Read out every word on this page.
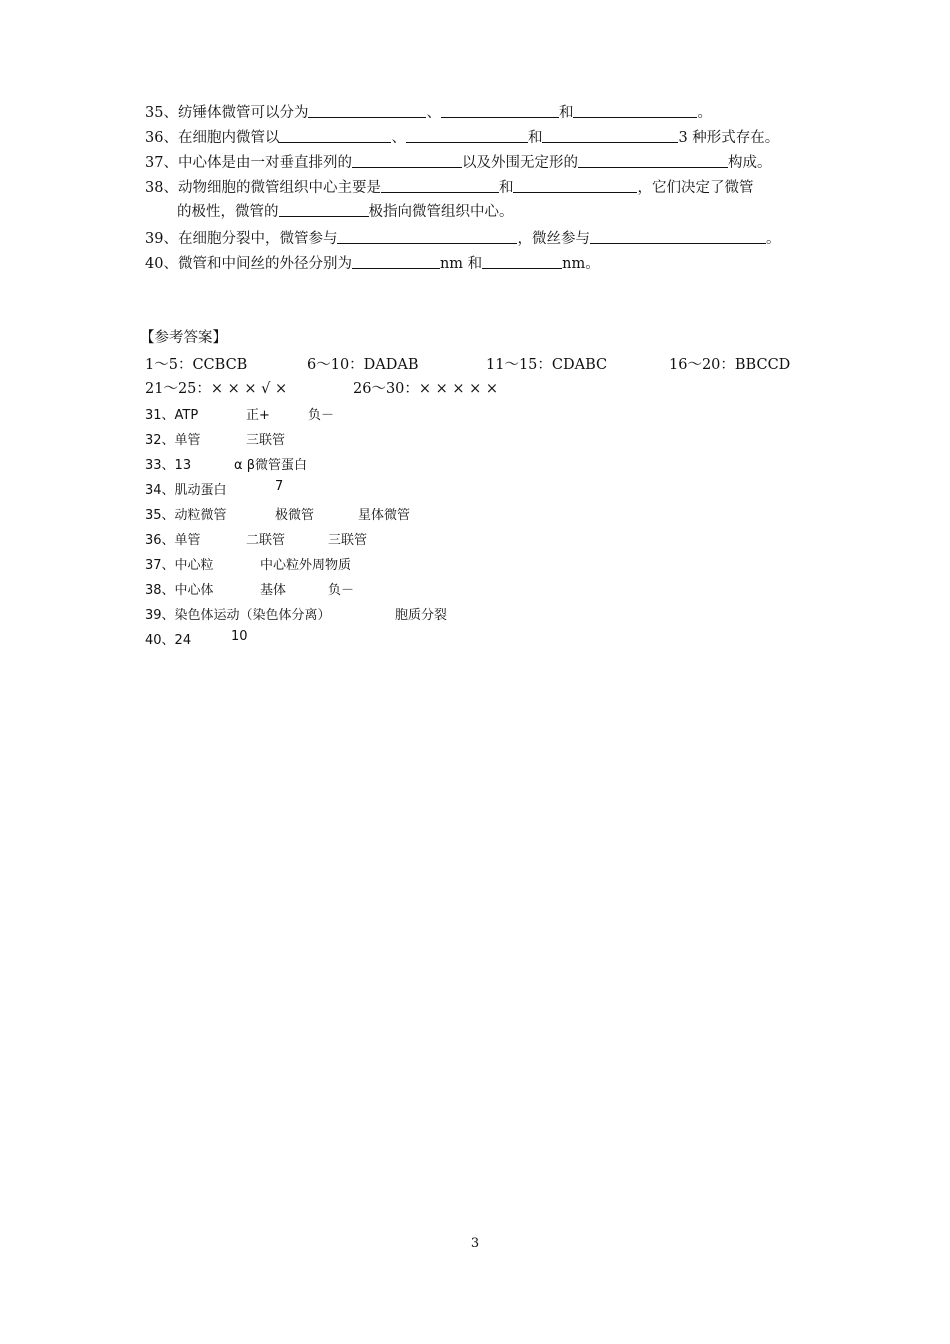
35、纺锤体微管可以分为	、	和	。
36、在细胞内微管以	、	和	3 种形式存在。
37、中心体是由一对垂直排列的	以及外围无定形的	构成。
38、动物细胞的微管组织中心主要是	和	，它们决定了微管
的极性，微管的	极指向微管组织中心。
39、在细胞分裂中，微管参与	，微丝参与	。
40、微管和中间丝的外径分别为	nm 和	nm。
【参考答案】
1～5：CCBCB	6～10：DADAB	11～15：CDABC	16～20：BBCCD
21～25：× × × √ ×	26～30：× × × × ×
31、ATP	正+	负－
32、单管	三联管
33、13	α β微管蛋白
34、肌动蛋白	7
35、动粒微管	极微管	星体微管
36、单管	二联管	三联管
37、中心粒	中心粒外周物质
38、中心体	基体	负－
39、染色体运动（染色体分离）	胞质分裂
40、24	10
3
